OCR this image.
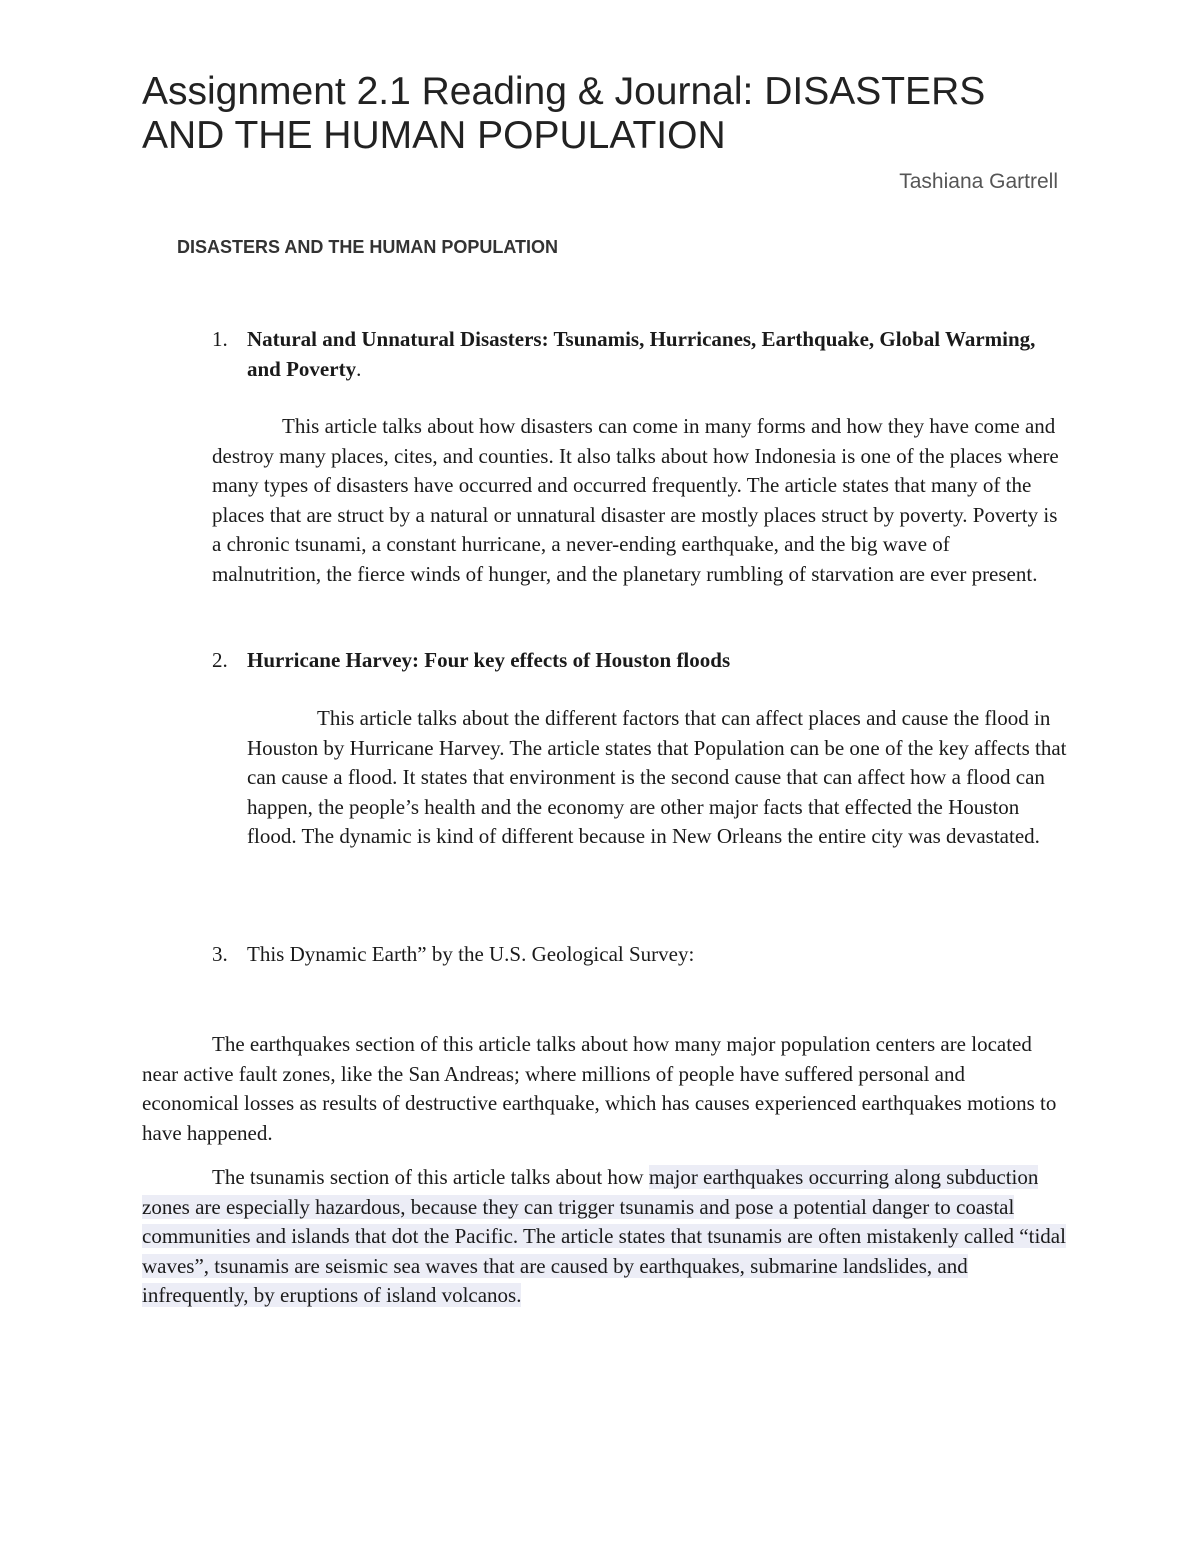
Assignment 2.1 Reading & Journal: DISASTERS AND THE HUMAN POPULATION
Tashiana Gartrell
DISASTERS AND THE HUMAN POPULATION
1. Natural and Unnatural Disasters: Tsunamis, Hurricanes, Earthquake, Global Warming, and Poverty.

This article talks about how disasters can come in many forms and how they have come and destroy many places, cites, and counties. It also talks about how Indonesia is one of the places where many types of disasters have occurred and occurred frequently. The article states that many of the places that are struct by a natural or unnatural disaster are mostly places struct by poverty. Poverty is a chronic tsunami, a constant hurricane, a never-ending earthquake, and the big wave of malnutrition, the fierce winds of hunger, and the planetary rumbling of starvation are ever present.

2. Hurricane Harvey: Four key effects of Houston floods

This article talks about the different factors that can affect places and cause the flood in Houston by Hurricane Harvey. The article states that Population can be one of the key affects that can cause a flood. It states that environment is the second cause that can affect how a flood can happen, the people’s health and the economy are other major facts that effected the Houston flood. The dynamic is kind of different because in New Orleans the entire city was devastated.

3. This Dynamic Earth” by the U.S. Geological Survey:

The earthquakes section of this article talks about how many major population centers are located near active fault zones, like the San Andreas; where millions of people have suffered personal and economical losses as results of destructive earthquake, which has causes experienced earthquakes motions to have happened.

The tsunamis section of this article talks about how major earthquakes occurring along subduction zones are especially hazardous, because they can trigger tsunamis and pose a potential danger to coastal communities and islands that dot the Pacific. The article states that tsunamis are often mistakenly called “tidal waves”, tsunamis are seismic sea waves that are caused by earthquakes, submarine landslides, and infrequently, by eruptions of island volcanos.
